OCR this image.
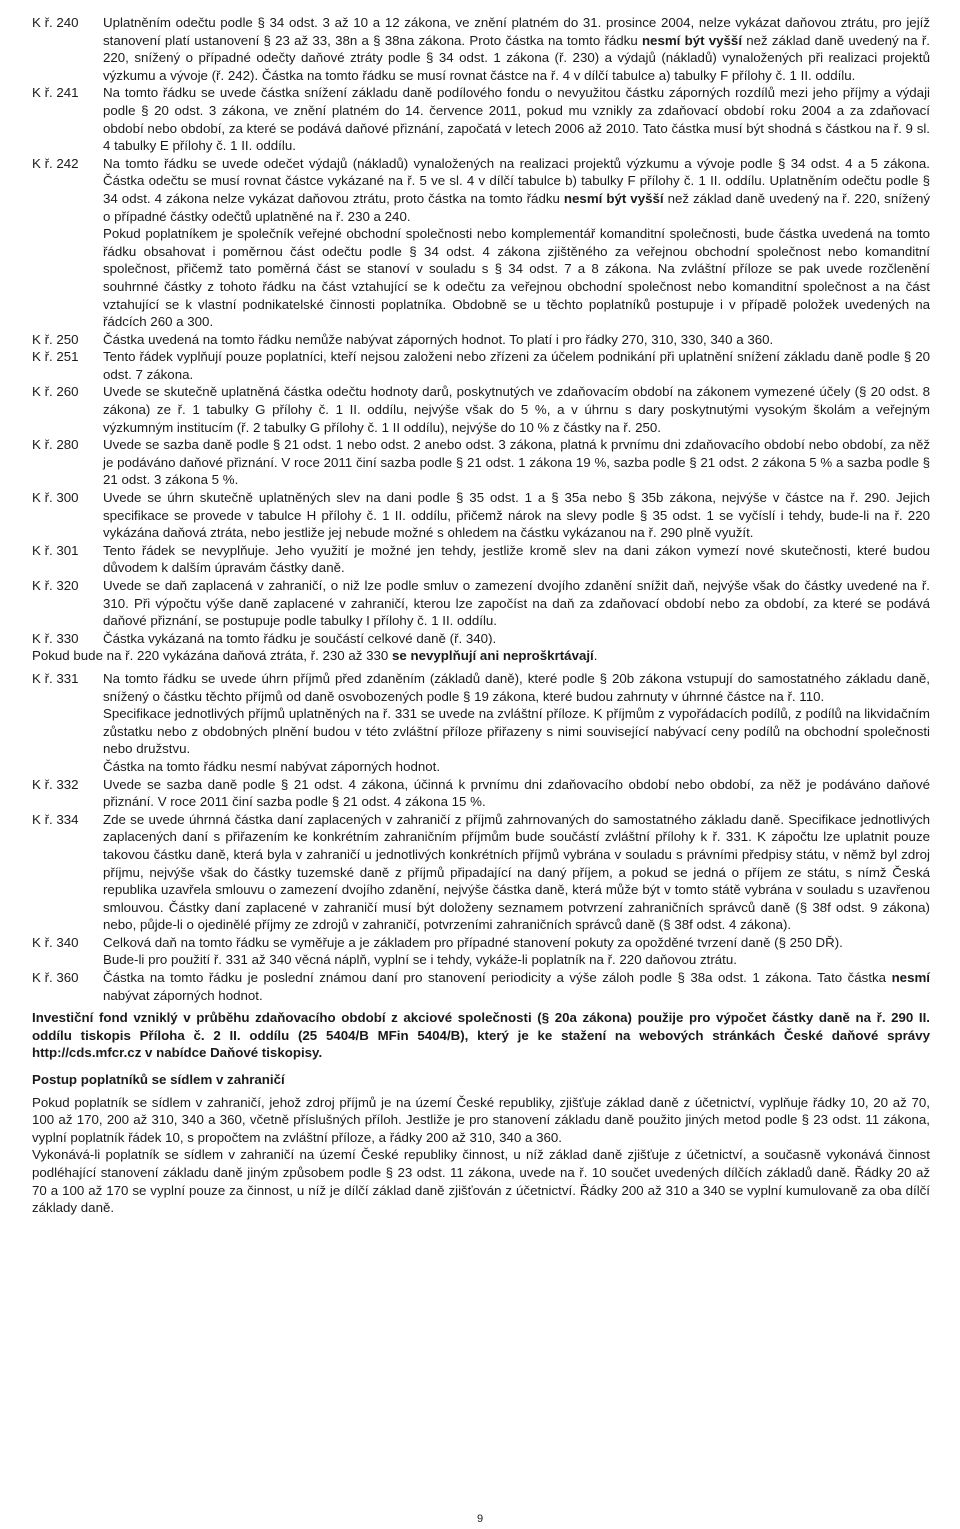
K ř. 240	Uplatněním odečtu podle § 34 odst. 3 až 10 a 12 zákona, ve znění platném do 31. prosince 2004, nelze vykázat daňovou ztrátu, pro jejíž stanovení platí ustanovení § 23 až 33, 38n a § 38na zákona. Proto částka na tomto řádku nesmí být vyšší než základ daně uvedený na ř. 220, snížený o případné odečty daňové ztráty podle § 34 odst. 1 zákona (ř. 230) a výdajů (nákladů) vynaložených při realizaci projektů výzkumu a vývoje (ř. 242). Částka na tomto řádku se musí rovnat částce na ř. 4 v dílčí tabulce a) tabulky F přílohy č. 1 II. oddílu.

K ř. 241	Na tomto řádku se uvede částka snížení základu daně podílového fondu o nevyužitou částku záporných rozdílů mezi jeho příjmy a výdaji podle § 20 odst. 3 zákona, ve znění platném do 14. července 2011, pokud mu vznikly za zdaňovací období roku 2004 a za zdaňovací období nebo období, za které se podává daňové přiznání, započatá v letech 2006 až 2010. Tato částka musí být shodná s částkou na ř. 9 sl. 4 tabulky E přílohy č. 1 II. oddílu.

K ř. 242	Na tomto řádku se uvede odečet výdajů (nákladů) vynaložených na realizaci projektů výzkumu a vývoje podle § 34 odst. 4 a 5 zákona. Částka odečtu se musí rovnat částce vykázané na ř. 5 ve sl. 4 v dílčí tabulce b) tabulky F přílohy č. 1 II. oddílu. Uplatněním odečtu podle § 34 odst. 4 zákona nelze vykázat daňovou ztrátu, proto částka na tomto řádku nesmí být vyšší než základ daně uvedený na ř. 220, snížený o případné částky odečtů uplatněné na ř. 230 a 240.

Pokud poplatníkem je společník veřejné obchodní společnosti nebo komplementář komanditní společnosti, bude částka uvedená na tomto řádku obsahovat i poměrnou část odečtu podle § 34 odst. 4 zákona zjištěného za veřejnou obchodní společnost nebo komanditní společnost, přičemž tato poměrná část se stanoví v souladu s § 34 odst. 7 a 8 zákona. Na zvláštní příloze se pak uvede rozčlenění souhrnné částky z tohoto řádku na část vztahující se k odečtu za veřejnou obchodní společnost nebo komanditní společnost a na část vztahující se k vlastní podnikatelské činnosti poplatníka. Obdobně se u těchto poplatníků postupuje i v případě položek uvedených na řádcích 260 a 300.

K ř. 250	Částka uvedená na tomto řádku nemůže nabývat záporných hodnot. To platí i pro řádky 270, 310, 330, 340 a 360.

K ř. 251	Tento řádek vyplňují pouze poplatníci, kteří nejsou založeni nebo zřízeni za účelem podnikání při uplatnění snížení základu daně podle § 20 odst. 7 zákona.

K ř. 260	Uvede se skutečně uplatněná částka odečtu hodnoty darů, poskytnutých ve zdaňovacím období na zákonem vymezené účely (§ 20 odst. 8 zákona) ze ř. 1 tabulky G přílohy č. 1 II. oddílu, nejvýše však do 5 %, a v úhrnu s dary poskytnutými vysokým školám a veřejným výzkumným institucím (ř. 2 tabulky G přílohy č. 1 II oddílu), nejvýše do 10 % z částky na ř. 250.

K ř. 280	Uvede se sazba daně podle § 21 odst. 1 nebo odst. 2 anebo odst. 3 zákona, platná k prvnímu dni zdaňovacího období nebo období, za něž je podáváno daňové přiznání. V roce 2011 činí sazba podle § 21 odst. 1 zákona 19 %, sazba podle § 21 odst. 2 zákona 5 % a sazba podle § 21 odst. 3 zákona 5 %.

K ř. 300	Uvede se úhrn skutečně uplatněných slev na dani podle § 35 odst. 1 a § 35a nebo § 35b zákona, nejvýše v částce na ř. 290. Jejich specifikace se provede v tabulce H přílohy č. 1 II. oddílu, přičemž nárok na slevy podle § 35 odst. 1 se vyčíslí i tehdy, bude-li na ř. 220 vykázána daňová ztráta, nebo jestliže jej nebude možné s ohledem na částku vykázanou na ř. 290 plně využít.

K ř. 301	Tento řádek se nevyplňuje. Jeho využití je možné jen tehdy, jestliže kromě slev na dani zákon vymezí nové skutečnosti, které budou důvodem k dalším úpravám částky daně.

K ř. 320	Uvede se daň zaplacená v zahraničí, o niž lze podle smluv o zamezení dvojího zdanění snížit daň, nejvýše však do částky uvedené na ř. 310. Při výpočtu výše daně zaplacené v zahraničí, kterou lze započíst na daň za zdaňovací období nebo za období, za které se podává daňové přiznání, se postupuje podle tabulky I přílohy č. 1 II. oddílu.

K ř. 330	Částka vykázaná na tomto řádku je součástí celkové daně (ř. 340).

Pokud bude na ř. 220 vykázána daňová ztráta, ř. 230 až 330 se nevyplňují ani neproškrtávají.

K ř. 331	Na tomto řádku se uvede úhrn příjmů před zdaněním (základů daně), které podle § 20b zákona vstupují do samostatného základu daně, snížený o částku těchto příjmů od daně osvobozených podle § 19 zákona, které budou zahrnuty v úhrnné částce na ř. 110.

Specifikace jednotlivých příjmů uplatněných na ř. 331 se uvede na zvláštní příloze. K příjmům z vypořádacích podílů, z podílů na likvidačním zůstatku nebo z obdobných plnění budou v této zvláštní příloze přiřazeny s nimi související nabývací ceny podílů na obchodní společnosti nebo družstvu.

Částka na tomto řádku nesmí nabývat záporných hodnot.

K ř. 332	Uvede se sazba daně podle § 21 odst. 4 zákona, účinná k prvnímu dni zdaňovacího období nebo období, za něž je podáváno daňové přiznání. V roce 2011 činí sazba podle § 21 odst. 4 zákona 15 %.

K ř. 334	Zde se uvede úhrnná částka daní zaplacených v zahraničí z příjmů zahrnovaných do samostatného základu daně. Specifikace jednotlivých zaplacených daní s přiřazením ke konkrétním zahraničním příjmům bude součástí zvláštní přílohy k ř. 331. K zápočtu lze uplatnit pouze takovou částku daně, která byla v zahraničí u jednotlivých konkrétních příjmů vybrána v souladu s právními předpisy státu, v němž byl zdroj příjmu, nejvýše však do částky tuzemské daně z příjmů připadající na daný příjem, a pokud se jedná o příjem ze státu, s nímž Česká republika uzavřela smlouvu o zamezení dvojího zdanění, nejvýše částka daně, která může být v tomto státě vybrána v souladu s uzavřenou smlouvou. Částky daní zaplacené v zahraničí musí být doloženy seznamem potvrzení zahraničních správců daně (§ 38f odst. 9 zákona) nebo, půjde-li o ojedinělé příjmy ze zdrojů v zahraničí, potvrzeními zahraničních správců daně (§ 38f odst. 4 zákona).

K ř. 340	Celková daň na tomto řádku se vyměřuje a je základem pro případné stanovení pokuty za opožděné tvrzení daně (§ 250 DŘ).

Bude-li pro použití ř. 331 až 340 věcná náplň, vyplní se i tehdy, vykáže-li poplatník na ř. 220 daňovou ztrátu.

K ř. 360	Částka na tomto řádku je poslední známou daní pro stanovení periodicity a výše záloh podle § 38a odst. 1 zákona. Tato částka nesmí nabývat záporných hodnot.

Investiční fond vzniklý v průběhu zdaňovacího období z akciové společnosti (§ 20a zákona) použije pro výpočet částky daně na ř. 290 II. oddílu tiskopis Příloha č. 2 II. oddílu (25 5404/B MFin 5404/B), který je ke stažení na webových stránkách České daňové správy http://cds.mfcr.cz v nabídce Daňové tiskopisy.

Postup poplatníků se sídlem v zahraničí

Pokud poplatník se sídlem v zahraničí, jehož zdroj příjmů je na území České republiky, zjišťuje základ daně z účetnictví, vyplňuje řádky 10, 20 až 70, 100 až 170, 200 až 310, 340 a 360, včetně příslušných příloh. Jestliže je pro stanovení základu daně použito jiných metod podle § 23 odst. 11 zákona, vyplní poplatník řádek 10, s propočtem na zvláštní příloze, a řádky 200 až 310, 340 a 360.

Vykonává-li poplatník se sídlem v zahraničí na území České republiky činnost, u níž základ daně zjišťuje z účetnictví, a současně vykonává činnost podléhající stanovení základu daně jiným způsobem podle § 23 odst. 11 zákona, uvede na ř. 10 součet uvedených dílčích základů daně. Řádky 20 až 70 a 100 až 170 se vyplní pouze za činnost, u níž je dílčí základ daně zjišťován z účetnictví. Řádky 200 až 310 a 340 se vyplní kumulovaně za oba dílčí základy daně.

9
